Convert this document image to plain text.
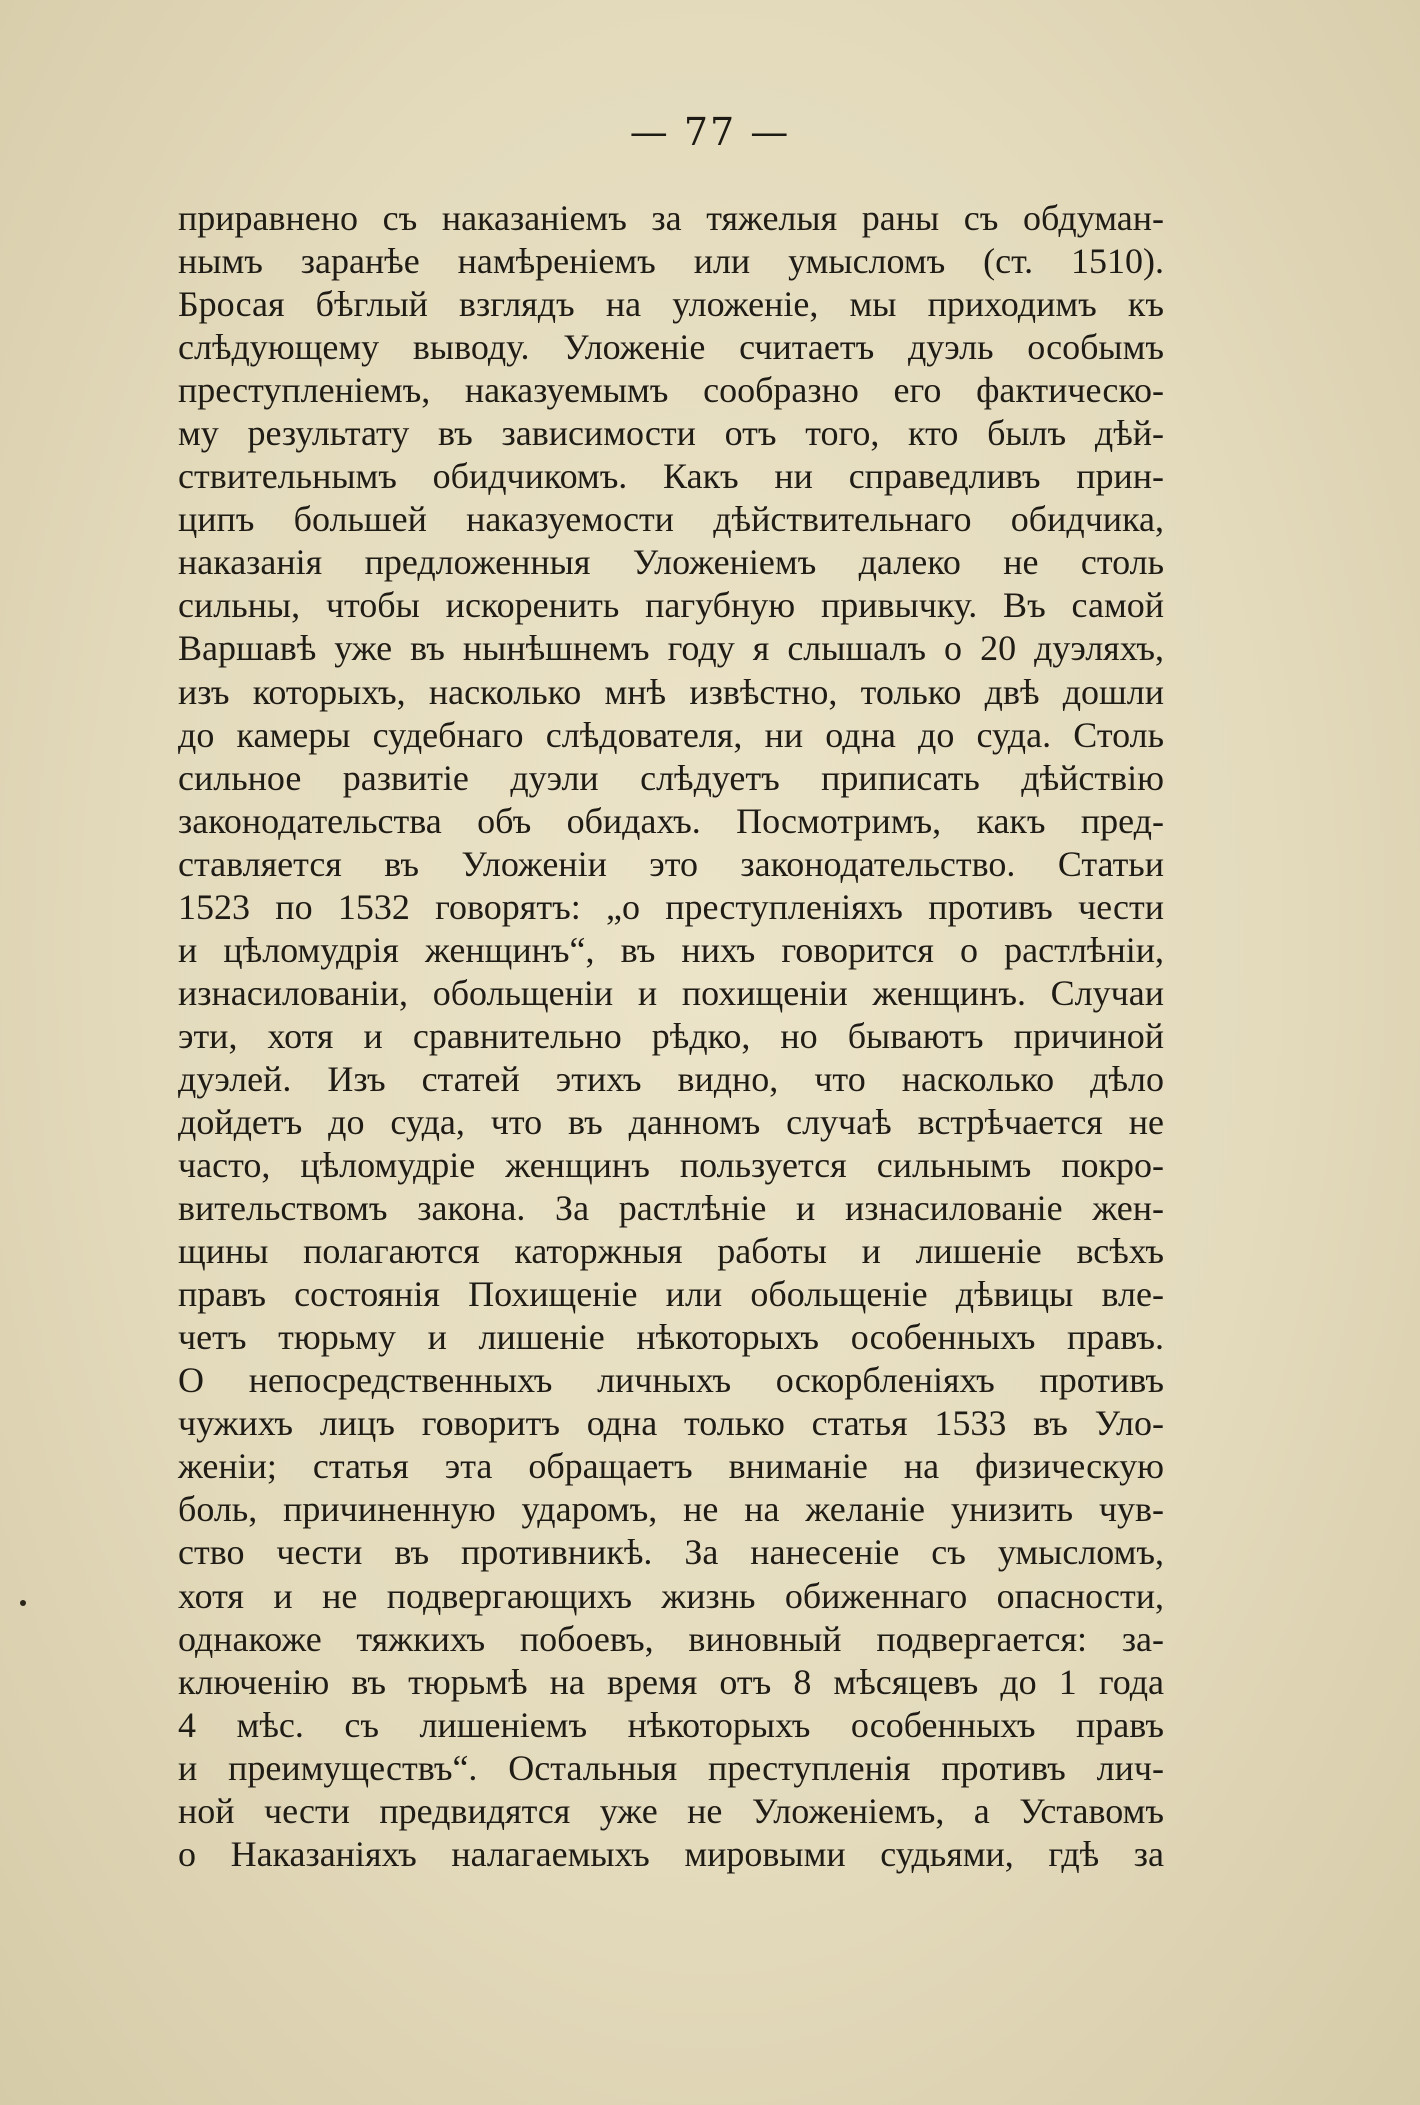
— 77 —
приравнено съ наказаніемъ за тяжелыя раны съ обдуман-
нымъ заранѣе намѣреніемъ или умысломъ (ст. 1510).
Бросая бѣглый взглядъ на уложеніе, мы приходимъ къ
слѣдующему выводу. Уложеніе считаетъ дуэль особымъ
преступленіемъ, наказуемымъ сообразно его фактическо-
му результату въ зависимости отъ того, кто былъ дѣй-
ствительнымъ обидчикомъ. Какъ ни справедливъ прин-
ципъ большей наказуемости дѣйствительнаго обидчика,
наказанія предложенныя Уложеніемъ далеко не столь
сильны, чтобы искоренить пагубную привычку. Въ самой
Варшавѣ уже въ нынѣшнемъ году я слышалъ о 20 дуэляхъ,
изъ которыхъ, насколько мнѣ извѣстно, только двѣ дошли
до камеры судебнаго слѣдователя, ни одна до суда. Столь
сильное развитіе дуэли слѣдуетъ приписать дѣйствію
законодательства объ обидахъ. Посмотримъ, какъ пред-
ставляется въ Уложеніи это законодательство. Статьи
1523 по 1532 говорятъ: „о преступленіяхъ противъ чести
и цѣломудрія женщинъ“, въ нихъ говорится о растлѣніи,
изнасилованіи, обольщеніи и похищеніи женщинъ. Случаи
эти, хотя и сравнительно рѣдко, но бываютъ причиной
дуэлей. Изъ статей этихъ видно, что насколько дѣло
дойдетъ до суда, что въ данномъ случаѣ встрѣчается не
часто, цѣломудріе женщинъ пользуется сильнымъ покро-
вительствомъ закона. За растлѣніе и изнасилованіе жен-
щины полагаются каторжныя работы и лишеніе всѣхъ
правъ состоянія Похищеніе или обольщеніе дѣвицы вле-
четъ тюрьму и лишеніе нѣкоторыхъ особенныхъ правъ.
О непосредственныхъ личныхъ оскорбленіяхъ противъ
чужихъ лицъ говоритъ одна только статья 1533 въ Уло-
женіи; статья эта обращаетъ вниманіе на физическую
боль, причиненную ударомъ, не на желаніе унизить чув-
ство чести въ противникѣ. За нанесеніе съ умысломъ,
хотя и не подвергающихъ жизнь обиженнаго опасности,
однакоже тяжкихъ побоевъ, виновный подвергается: за-
ключенію въ тюрьмѣ на время отъ 8 мѣсяцевъ до 1 года
4 мѣс. съ лишеніемъ нѣкоторыхъ особенныхъ правъ
и преимуществъ“. Остальныя преступленія противъ лич-
ной чести предвидятся уже не Уложеніемъ, а Уставомъ
о Наказаніяхъ налагаемыхъ мировыми судьями, гдѣ за
